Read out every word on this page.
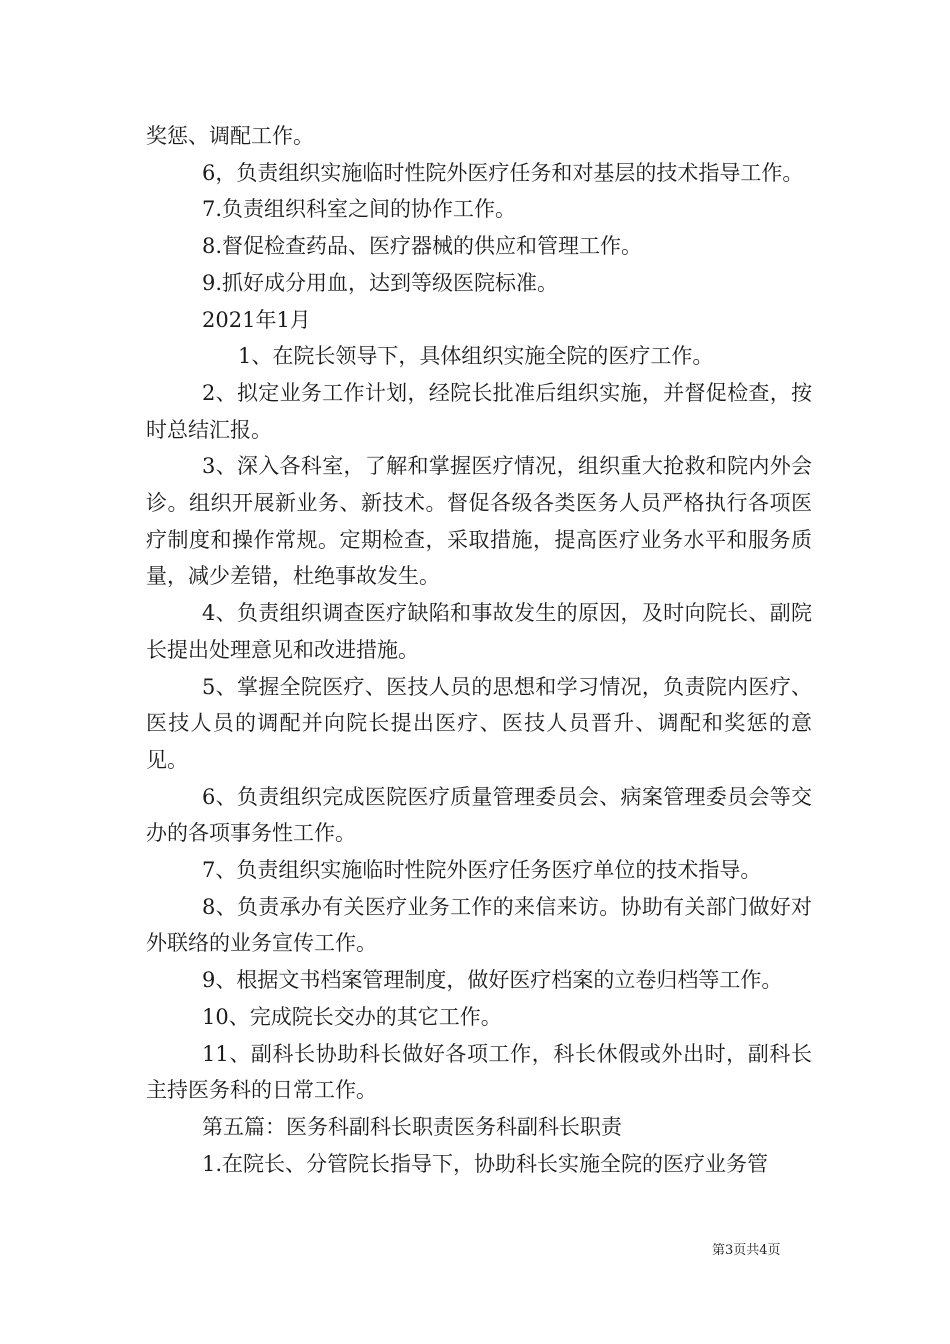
奖惩、调配工作。

6，负责组织实施临时性院外医疗任务和对基层的技术指导工作。

7.负责组织科室之间的协作工作。

8.督促检查药品、医疗器械的供应和管理工作。

9.抓好成分用血，达到等级医院标准。

2021年1月

1、在院长领导下，具体组织实施全院的医疗工作。

2、拟定业务工作计划，经院长批准后组织实施，并督促检查，按时总结汇报。

3、深入各科室，了解和掌握医疗情况，组织重大抢救和院内外会诊。组织开展新业务、新技术。督促各级各类医务人员严格执行各项医疗制度和操作常规。定期检查，采取措施，提高医疗业务水平和服务质量，减少差错，杜绝事故发生。

4、负责组织调查医疗缺陷和事故发生的原因，及时向院长、副院长提出处理意见和改进措施。

5、掌握全院医疗、医技人员的思想和学习情况，负责院内医疗、医技人员的调配并向院长提出医疗、医技人员晋升、调配和奖惩的意见。

6、负责组织完成医院医疗质量管理委员会、病案管理委员会等交办的各项事务性工作。

7、负责组织实施临时性院外医疗任务医疗单位的技术指导。

8、负责承办有关医疗业务工作的来信来访。协助有关部门做好对外联络的业务宣传工作。

9、根据文书档案管理制度，做好医疗档案的立卷归档等工作。

10、完成院长交办的其它工作。

11、副科长协助科长做好各项工作，科长休假或外出时，副科长主持医务科的日常工作。

第五篇：医务科副科长职责医务科副科长职责

1.在院长、分管院长指导下，协助科长实施全院的医疗业务管

第3页共4页
